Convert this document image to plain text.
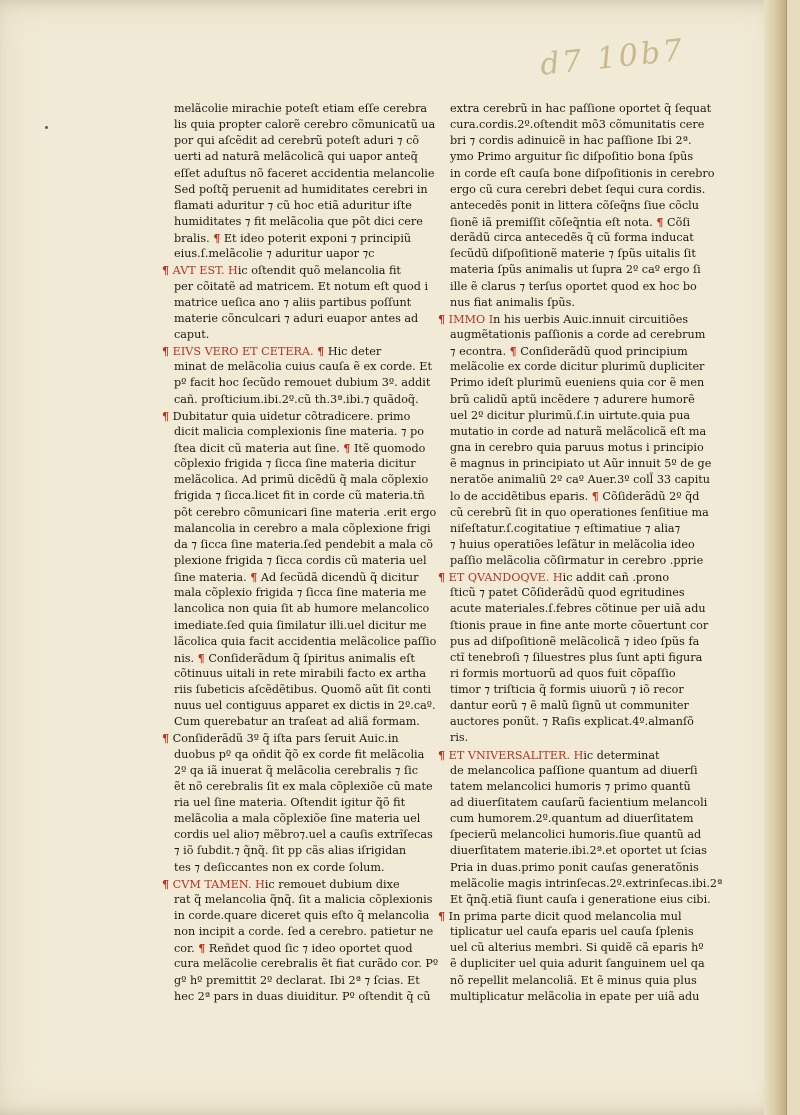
d7 10b7
melãcolie mirachie poteſt etiam eſſe cerebra
lis quia propter calorẽ cerebro cõmunicatũ ua
por qui aſcẽdit ad cerebrũ poteſt aduri ⁊ cõ
uerti ad naturã melãcolicã qui uapor anteq̃
eſſet aduſtus nõ faceret accidentia melancolie
Sed poſtq̃ peruenit ad humiditates cerebri in
flamati aduritur ⁊ cũ hoc etiã aduritur iſte
humiditates ⁊ fit melãcolia que põt dici cere
bralis. ¶ Et ideo poterit exponi ⁊ principiũ
eius.ſ.melãcolie ⁊ aduritur uapor ⁊c
¶ AVT EST. Hic oſtendit quõ melancolia fit
per cõitatẽ ad matricem. Et notum eſt quod i
matrice ueſica ano ⁊ aliis partibus poſſunt
materie cõnculcari ⁊ aduri euapor antes ad
caput.
¶ EIVS VERO ET CETERA. ¶ Hic deter
minat de melãcolia cuius cauſa ẽ ex corde. Et
pº facit hoc ſecũdo remouet dubium 3º. addit
cañ. proſticium.ibi.2º.cũ th.3ª.ibi.⁊ quãdoq̃.
¶ Dubitatur quia uidetur cõtradicere. primo
dicit malicia complexionis ſine materia. ⁊ po
ſtea dicit cũ materia aut ſine. ¶ Itẽ quomodo
cõplexio frigida ⁊ ſicca ſine materia dicitur
melãcolica. Ad primũ dicẽdũ q̃ mala cõplexio
frigida ⁊ ſicca.licet fit in corde cũ materia.tñ
põt cerebro cõmunicari ſine materia .erit ergo
malancolia in cerebro a mala cõplexione frigi
da ⁊ ſicca ſine materia.ſed pendebit a mala cõ
plexione frigida ⁊ ſicca cordis cũ materia uel
ſine materia. ¶ Ad ſecũdã dicendũ q̃ dicitur
mala cõplexio frigida ⁊ ſicca ſine materia me
lancolica non quia ſit ab humore melancolico
imediate.ſed quia ſimilatur illi.uel dicitur me
lãcolica quia facit accidentia melãcolice paſſio
nis. ¶ Conſiderãdum q̃ ſpiritus animalis eſt
cõtinuus uitali in rete mirabili facto ex artha
riis ſubeticis aſcẽdẽtibus. Quomõ aũt ſit conti
nuus uel contiguus apparet ex dictis in 2º.caº.
Cum querebatur an traſeat ad aliã formam.
¶ Conſiderãdũ 3º q̃ iſta pars ſeruit Auic.in
duobus pº qa oñdit q̃õ ex corde fit melãcolia
2º qa iã inuerat q̃ melãcolia cerebralis ⁊ ſic
ẽt nõ cerebralis ſit ex mala cõplexiõe cũ mate
ria uel ſine materia. Oſtendit igitur q̃õ fit
melãcolia a mala cõplexiõe ſine materia uel
cordis uel alio⁊ mẽbro⁊.uel a cauſis extrĩſecas
⁊ iõ ſubdit.⁊ q̃nq̃. ſit pp cãs alias iſrigidan
tes ⁊ deſiccantes non ex corde ſolum.
¶ CVM TAMEN. Hic remouet dubium dixe
rat q̃ melancolia q̃nq̃. ſit a malicia cõplexionis
in corde.quare diceret quis eſto q̃ melancolia
non incipit a corde. ſed a cerebro. patietur ne
cor. ¶ Reñdet quod ſic ⁊ ideo oportet quod
cura melãcolie cerebralis ẽt fiat curãdo cor. Pº
gº hº premittit 2º declarat. Ibi 2ª ⁊ ſcias. Et
hec 2ª pars in duas diuiditur. Pº oſtendit q̃ cũ
extra cerebrũ in hac paſſione oportet q̃ ſequat
cura.cordis.2º.oſtendit mõ3 cõmunitatis cere
bri ⁊ cordis adinuicẽ in hac paſſione Ibi 2ª.
ymo Primo arguitur ſic diſpoſitio bona ſpũs
in corde eſt cauſa bone diſpoſitionis in cerebro
ergo cũ cura cerebri debet ſequi cura cordis.
antecedẽs ponit in littera cõſeq̃ns ſiue cõclu
ſionẽ iã premiſſit cõſeq̃ntia eſt nota. ¶ Cõſi
derãdũ circa antecedẽs q̃ cũ forma inducat
ſecũdũ diſpoſitionẽ materie ⁊ ſpũs uitalis ſit
materia ſpũs animalis ut ſupra 2º caº ergo ſi
ille ẽ clarus ⁊ terſus oportet quod ex hoc bo
nus fiat animalis ſpũs.
¶ IMMO In his uerbis Auic.innuit circuitiões
augmẽtationis paſſionis a corde ad cerebrum
⁊ econtra. ¶ Conſiderãdũ quod principium
melãcolie ex corde dicitur plurimũ dupliciter
Primo ideſt plurimũ eueniens quia cor ẽ men
brũ calidũ aptũ incẽdere ⁊ adurere humorẽ
uel 2º dicitur plurimũ.ſ.in uirtute.quia pua
mutatio in corde ad naturã melãcolicã eſt ma
gna in cerebro quia paruus motus i principio
ẽ magnus in principiato ut Aũr innuit 5º de ge
neratõe animaliũ 2º caº Auer.3º coll̃ 33 capitu
lo de accidẽtibus eparis. ¶ Cõſiderãdũ 2º q̃d
cũ cerebrũ ſit in quo operationes ſenſitiue ma
niſeſtatur.ſ.cogitatiue ⁊ eſtimatiue ⁊ alia⁊
⁊ huius operatiões leſãtur in melãcolia ideo
paſſio melãcolia cõſirmatur in cerebro .pprie
¶ ET QVANDOQVE. Hic addit cañ .prono
ſticũ ⁊ patet Cõſiderãdũ quod egritudines
acute materiales.ſ.febres cõtinue per uiã adu
ſtionis praue in fine ante morte cõuertunt cor
pus ad diſpoſitionẽ melãcolicã ⁊ ideo ſpũs fa
ctĩ tenebroſi ⁊ ſiluestres plus ſunt apti figura
ri formis mortuorũ ad quos fuit cõpaſſio
timor ⁊ triſticia q̃ formis uiuorũ ⁊ iõ recor
dantur eorũ ⁊ ẽ malũ ſignũ ut communiter
auctores ponũt. ⁊ Raſis explicat.4º.almanſõ
ris.
¶ ET VNIVERSALITER. Hic determinat
de melancolica paſſione quantum ad diuerſi
tatem melancolici humoris ⁊ primo quantũ
ad diuerſitatem cauſarũ facientium melancoli
cum humorem.2º.quantum ad diuerſitatem
ſpecierũ melancolici humoris.ſiue quantũ ad
diuerſitatem materie.ibi.2ª.et oportet ut ſcias
Pria in duas.primo ponit cauſas generatõnis
melãcolie magis intrinſecas.2º.extrinſecas.ibi.2ª
Et q̃nq̃.etiã ſiunt cauſa i generatione eius cibi.
¶ In prima parte dicit quod melancolia mul
tiplicatur uel cauſa eparis uel cauſa ſplenis
uel cũ alterius membri. Si quidẽ cã eparis hº
ẽ dupliciter uel quia adurit ſanguinem uel qa
nõ repellit melancoliã. Et ẽ minus quia plus
multiplicatur melãcolia in epate per uiã adu
